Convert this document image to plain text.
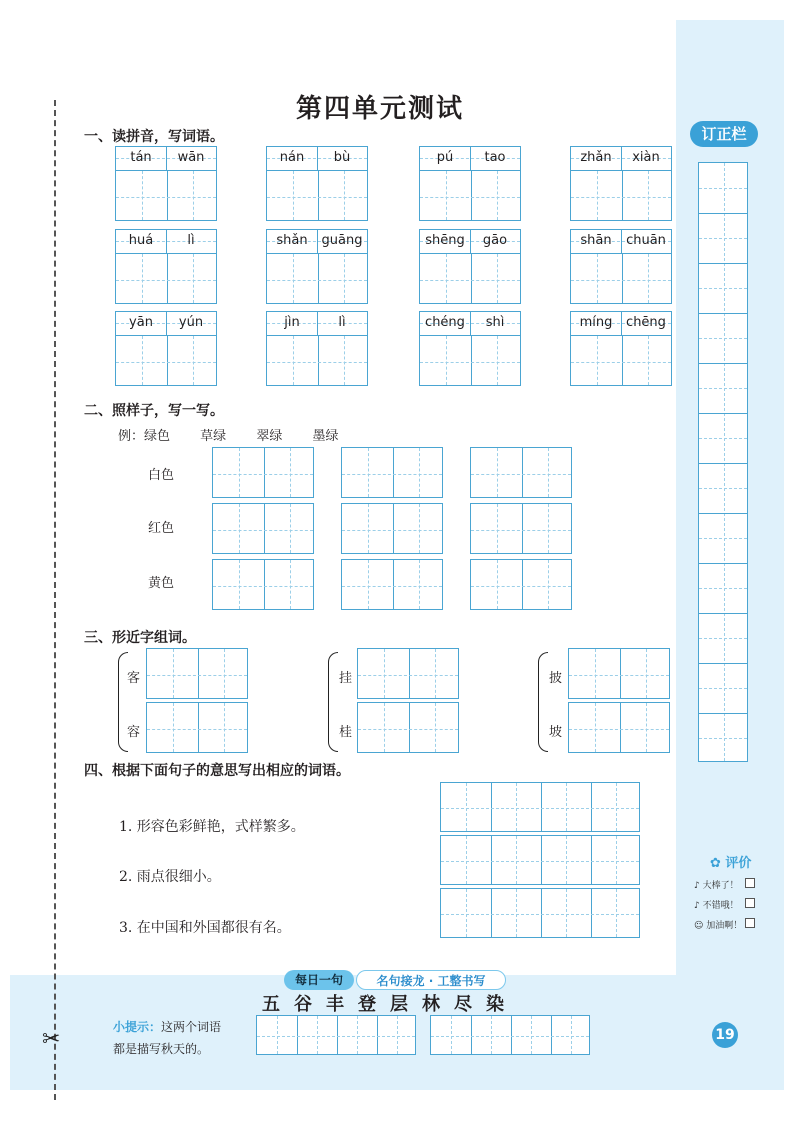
✂
第四单元测试
一、读拼音，写词语。
tán	wān	nán	bù	pú	tao	zhǎn	xiàn
huá	lì	shǎn	guāng	shēng	gāo	shān	chuān
yān	yún	jìn	lì	chéng	shì	míng	chēng
二、照样子，写一写。
例：绿色 草绿 翠绿 墨绿
白色
红色
黄色
三、形近字组词。
客
容
挂
桂
披
坡
四、根据下面句子的意思写出相应的词语。
1. 形容色彩鲜艳，式样繁多。
2. 雨点很细小。
3. 在中国和外国都很有名。
订正栏
✿ 评价
♪ 大棒了！
♪ 不错哦！
☺ 加油啊！
每日一句	名句接龙 · 工整书写
五谷丰登层林尽染
小提示：这两个词语
都是描写秋天的。
19
